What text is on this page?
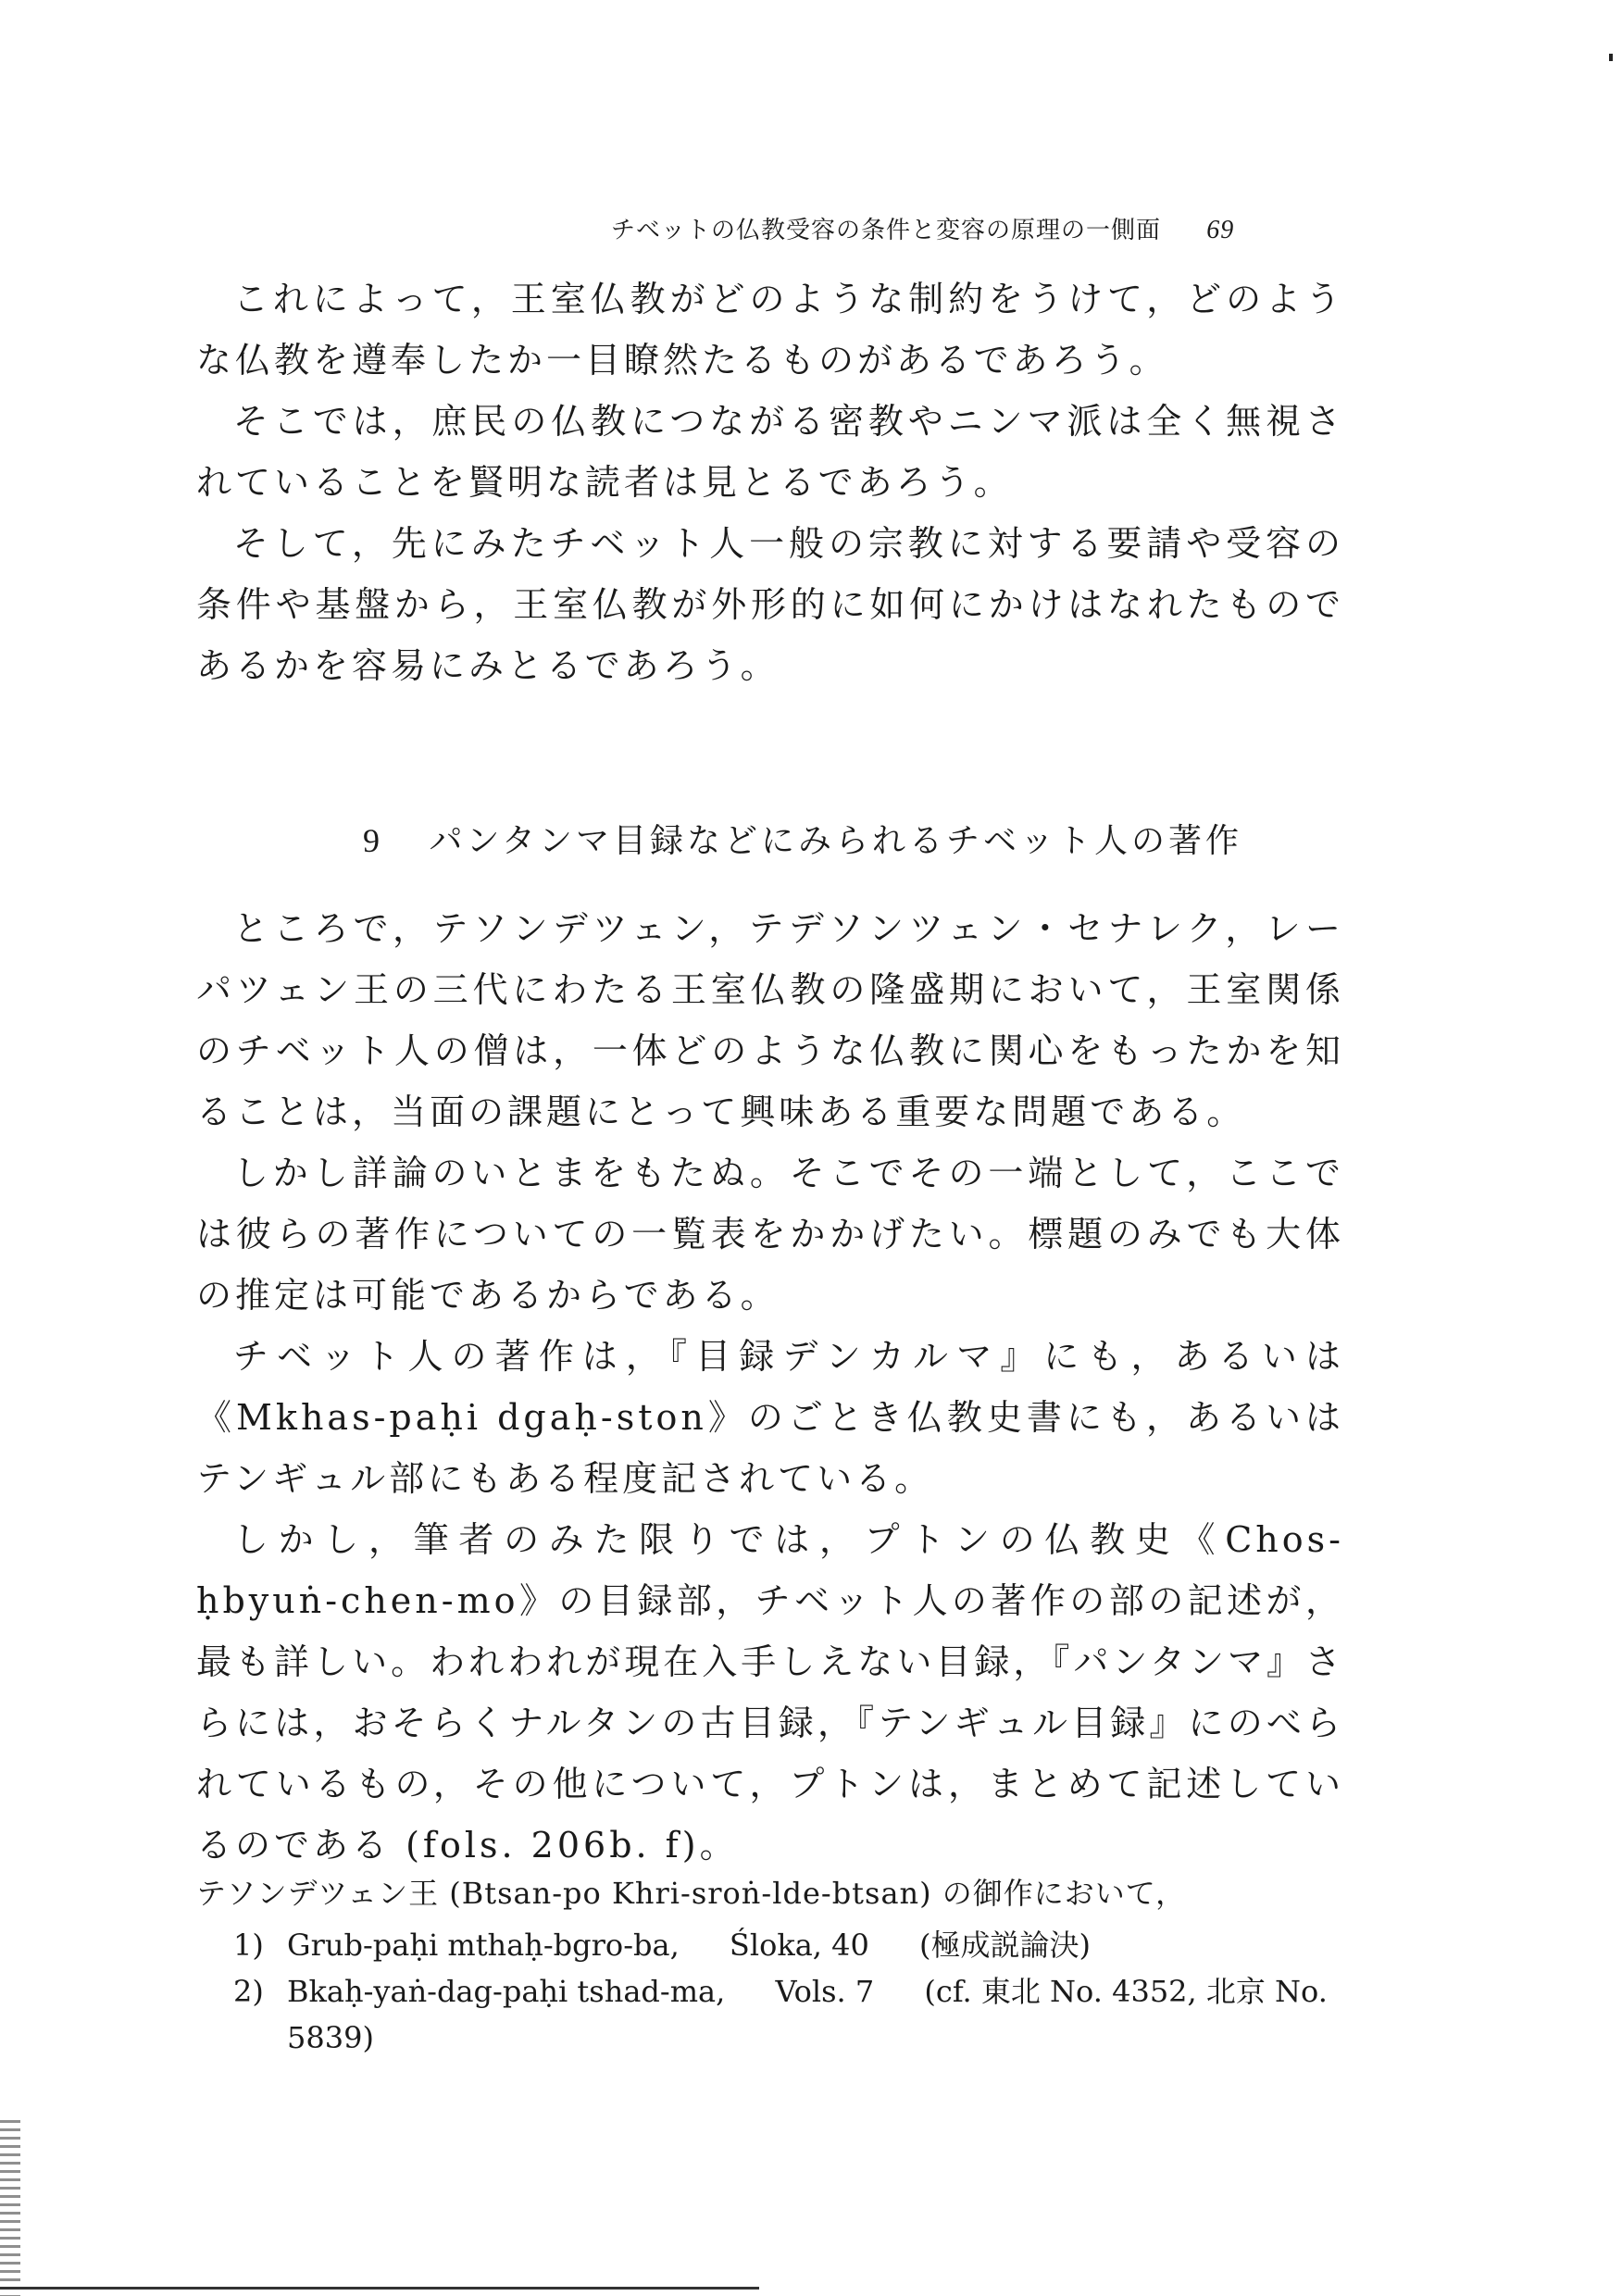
チベットの仏教受容の条件と変容の原理の一側面 69

これによって，王室仏教がどのような制約をうけて，どのような仏教を遵奉したか一目瞭然たるものがあるであろう。

そこでは，庶民の仏教につながる密教やニンマ派は全く無視されていることを賢明な読者は見とるであろう。

そして，先にみたチベット人一般の宗教に対する要請や受容の条件や基盤から，王室仏教が外形的に如何にかけはなれたものであるかを容易にみとるであろう。

9 パンタンマ目録などにみられるチベット人の著作

ところで，テソンデツェン，テデソンツェン・セナレク，レーパツェン王の三代にわたる王室仏教の隆盛期において，王室関係のチベット人の僧は，一体どのような仏教に関心をもったかを知ることは，当面の課題にとって興味ある重要な問題である。

しかし詳論のいとまをもたぬ。そこでその一端として，ここでは彼らの著作についての一覧表をかかげたい。標題のみでも大体の推定は可能であるからである。

チベット人の著作は，『目録デンカルマ』にも，あるいは《Mkhas-paḥi dgaḥ-ston》のごとき仏教史書にも，あるいはテンギュル部にもある程度記されている。

しかし，筆者のみた限りでは，プトンの仏教史《Chos-ḥbyuṅ-chen-mo》の目録部，チベット人の著作の部の記述が，最も詳しい。われわれが現在入手しえない目録，『パンタンマ』さらには，おそらくナルタンの古目録，『テンギュル目録』にのべられているもの，その他について，プトンは，まとめて記述しているのである (fols. 206b. f)。

テソンデツェン王 (Btsan-po Khri-sroṅ-lde-btsan) の御作において，

1) Grub-paḥi mthaḥ-bgro-ba, Śloka, 40 (極成説論決)
2) Bkaḥ-yaṅ-dag-paḥi tshad-ma, Vols. 7 (cf. 東北 No. 4352, 北京 No. 5839)
